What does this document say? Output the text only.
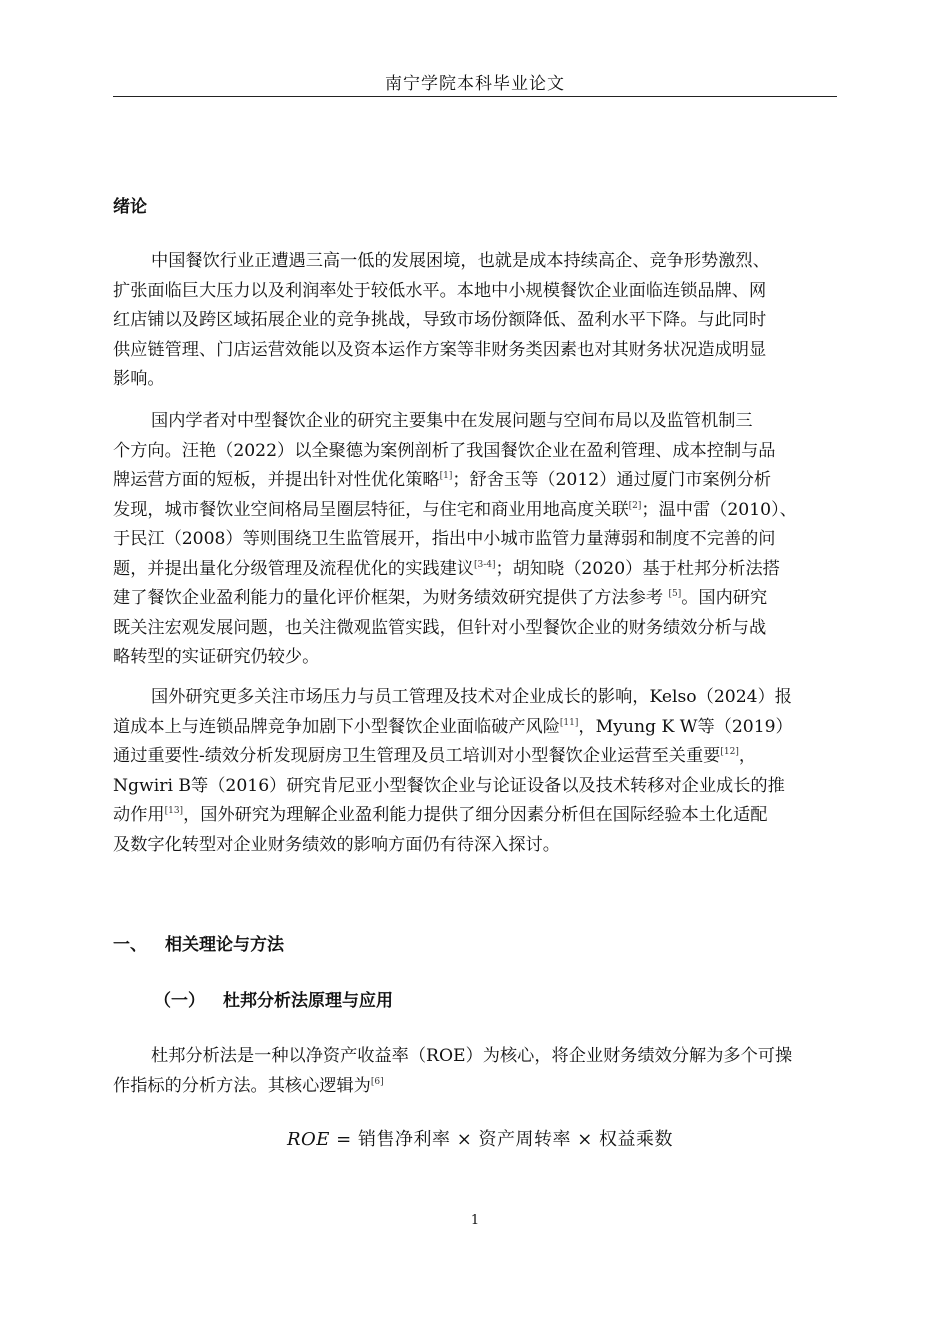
南宁学院本科毕业论文
绪论

中国餐饮行业正遭遇三高一低的发展困境，也就是成本持续高企、竞争形势激烈、
扩张面临巨大压力以及利润率处于较低水平。本地中小规模餐饮企业面临连锁品牌、网
红店铺以及跨区域拓展企业的竞争挑战，导致市场份额降低、盈利水平下降。与此同时
供应链管理、门店运营效能以及资本运作方案等非财务类因素也对其财务状况造成明显
影响。

国内学者对中型餐饮企业的研究主要集中在发展问题与空间布局以及监管机制三
个方向。汪艳（2022）以全聚德为案例剖析了我国餐饮企业在盈利管理、成本控制与品
牌运营方面的短板，并提出针对性优化策略[1]；舒舍玉等（2012）通过厦门市案例分析
发现，城市餐饮业空间格局呈圈层特征，与住宅和商业用地高度关联[2]；温中雷（2010）、
于民江（2008）等则围绕卫生监管展开，指出中小城市监管力量薄弱和制度不完善的问
题，并提出量化分级管理及流程优化的实践建议[3-4]；胡知晓（2020）基于杜邦分析法搭
建了餐饮企业盈利能力的量化评价框架，为财务绩效研究提供了方法参考 [5]。国内研究
既关注宏观发展问题，也关注微观监管实践，但针对小型餐饮企业的财务绩效分析与战
略转型的实证研究仍较少。

国外研究更多关注市场压力与员工管理及技术对企业成长的影响，Kelso（2024）报
道成本上与连锁品牌竞争加剧下小型餐饮企业面临破产风险[11]，Myung K W等（2019）
通过重要性-绩效分析发现厨房卫生管理及员工培训对小型餐饮企业运营至关重要[12]，
Ngwiri B等（2016）研究肯尼亚小型餐饮企业与论证设备以及技术转移对企业成长的推
动作用[13]，国外研究为理解企业盈利能力提供了细分因素分析但在国际经验本土化适配
及数字化转型对企业财务绩效的影响方面仍有待深入探讨。

一、 相关理论与方法
（一） 杜邦分析法原理与应用

杜邦分析法是一种以净资产收益率（ROE）为核心，将企业财务绩效分解为多个可操
作指标的分析方法。其核心逻辑为[6]

ROE = 销售净利率 × 资产周转率 × 权益乘数
1
